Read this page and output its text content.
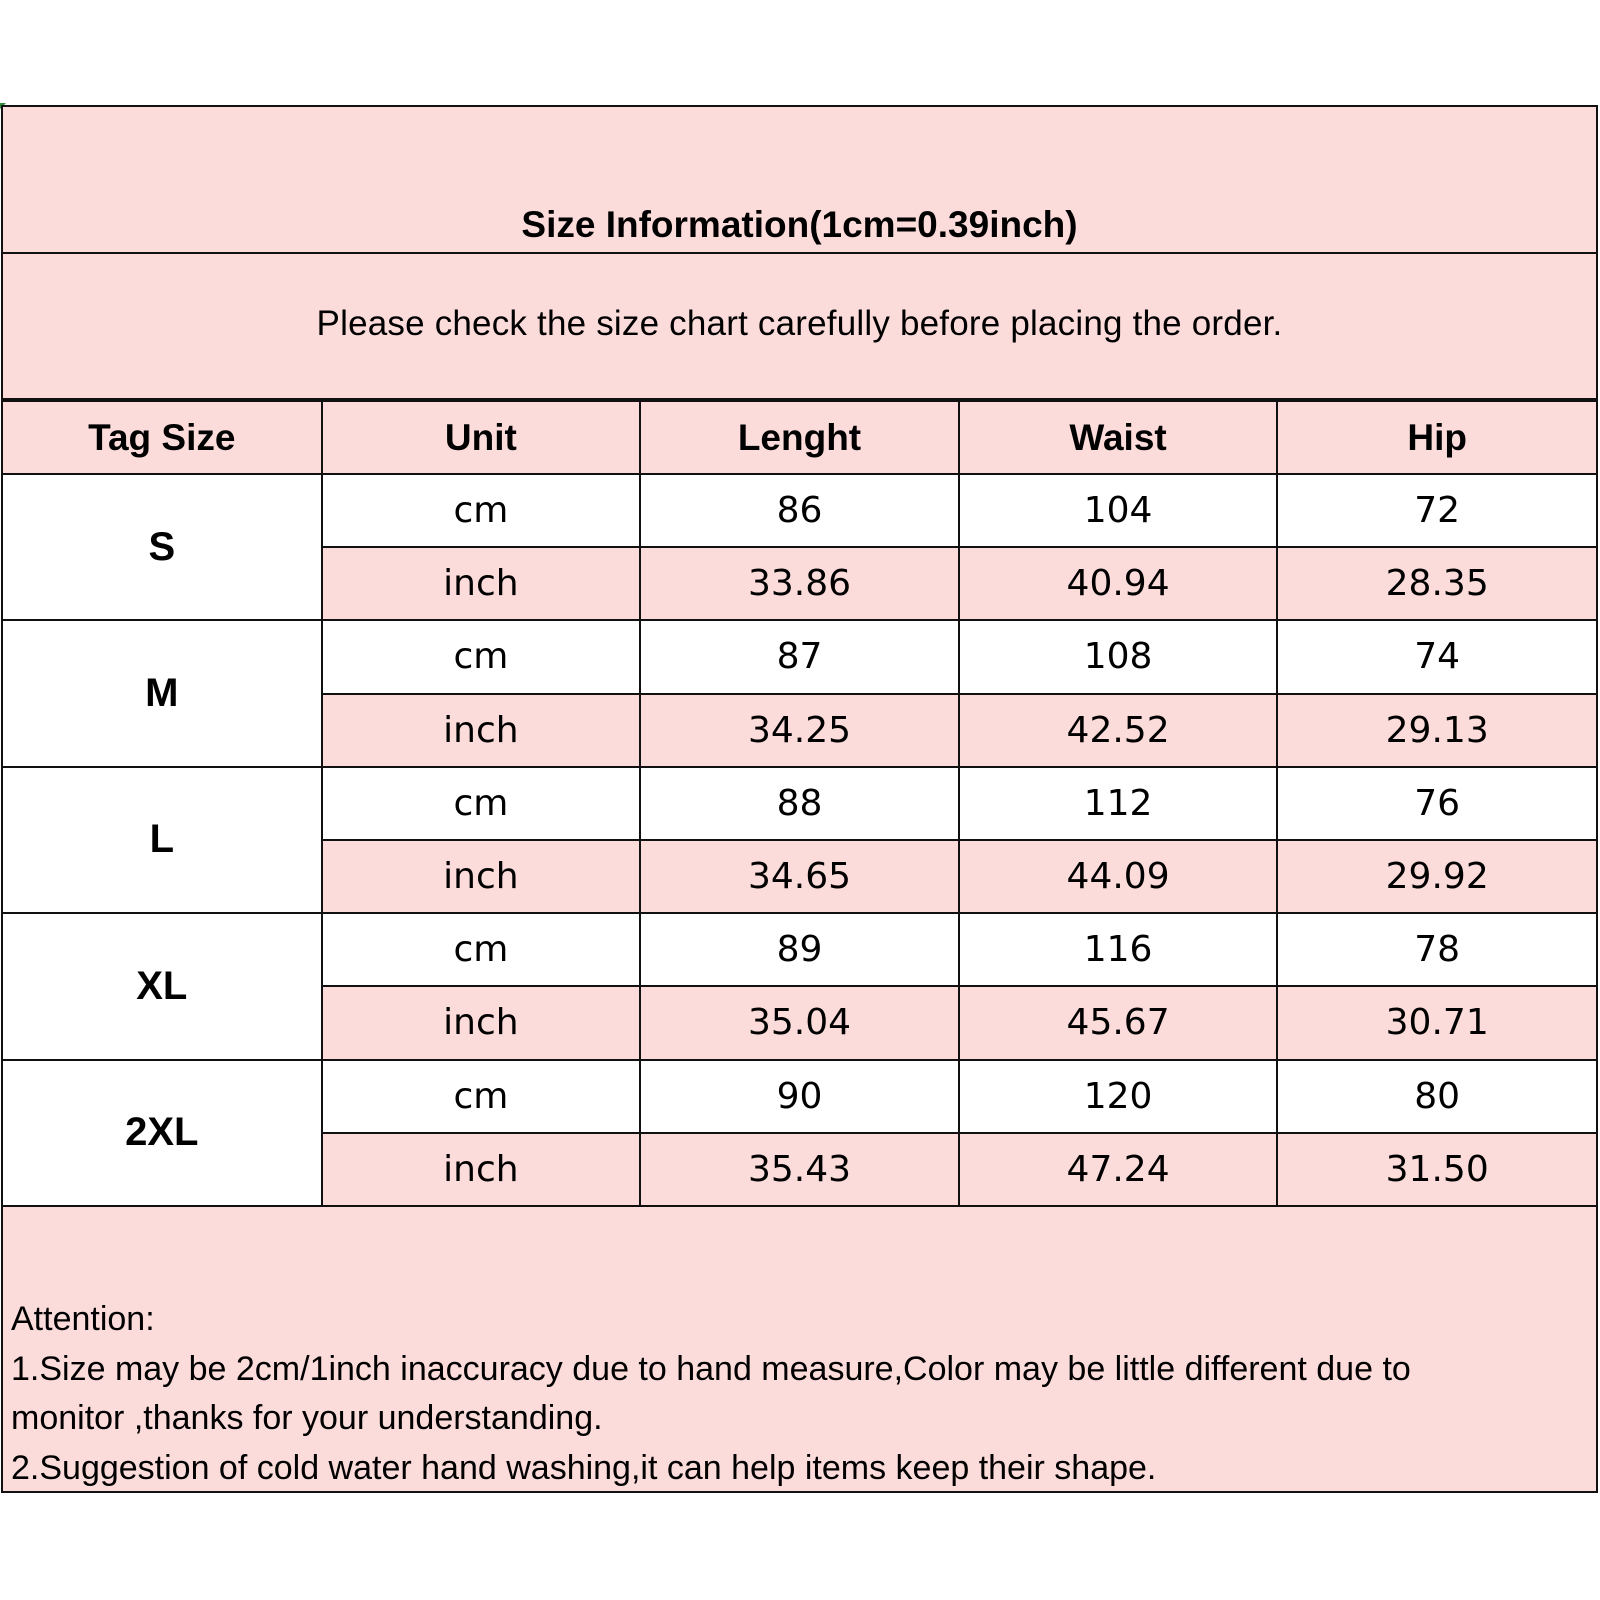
Size Information(1cm=0.39inch)
Please check the size chart carefully before placing the order.
Tag Size	Unit	Lenght	Waist	Hip
S	cm	86	104	72
	inch	33.86	40.94	28.35
M	cm	87	108	74
	inch	34.25	42.52	29.13
L	cm	88	112	76
	inch	34.65	44.09	29.92
XL	cm	89	116	78
	inch	35.04	45.67	30.71
2XL	cm	90	120	80
	inch	35.43	47.24	31.50
Attention:
1.Size may be 2cm/1inch inaccuracy due to hand measure,Color may be little different due to
monitor ,thanks for your understanding.
2.Suggestion of cold water hand washing,it can help items keep their shape.
